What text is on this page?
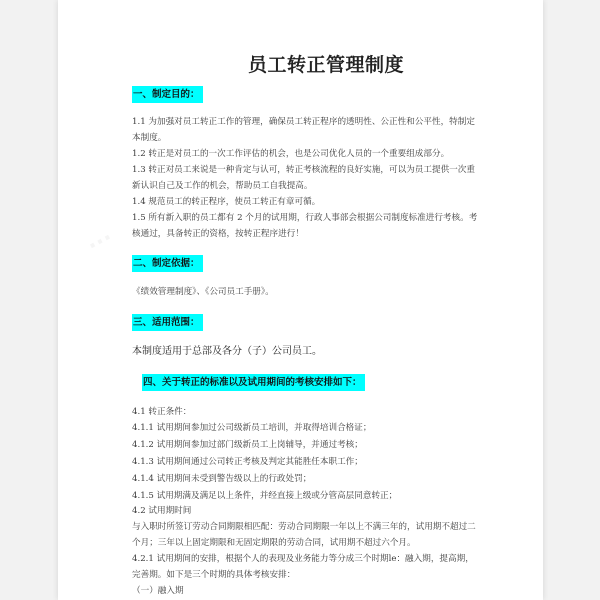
员工转正管理制度
一、制定目的：
1.1 为加强对员工转正工作的管理，确保员工转正程序的透明性、公正性和公平性，特制定
本制度。
1.2 转正是对员工的一次工作评估的机会，也是公司优化人员的一个重要组成部分。
1.3 转正对员工来说是一种肯定与认可，转正考核流程的良好实施，可以为员工提供一次重
新认识自己及工作的机会，帮助员工自我提高。
1.4 规范员工的转正程序，使员工转正有章可循。
1.5 所有新入职的员工都有 2 个月的试用期，行政人事部会根据公司制度标准进行考核。考
核通过，具备转正的资格，按转正程序进行！
二、制定依据：
《绩效管理制度》、《公司员工手册》。
三、适用范围：
本制度适用于总部及各分（子）公司员工。
四、关于转正的标准以及试用期间的考核安排如下：
4.1 转正条件：
4.1.1 试用期间参加过公司级新员工培训，并取得培训合格证；
4.1.2 试用期间参加过部门级新员工上岗辅导，并通过考核；
4.1.3 试用期间通过公司转正考核及判定其能胜任本职工作；
4.1.4 试用期间未受到警告级以上的行政处罚；
4.1.5 试用期满及满足以上条件，并经直接上级或分管高层同意转正；
4.2 试用期时间
与入职时所签订劳动合同期限相匹配：劳动合同期限一年以上不满三年的，试用期不超过二
个月；三年以上固定期限和无固定期限的劳动合同，试用期不超过六个月。
4.2.1 试用期间的安排，根据个人的表现及业务能力等分成三个时期le：融入期，提高期，
完善期。如下是三个时期的具体考核安排：
（一）融入期
